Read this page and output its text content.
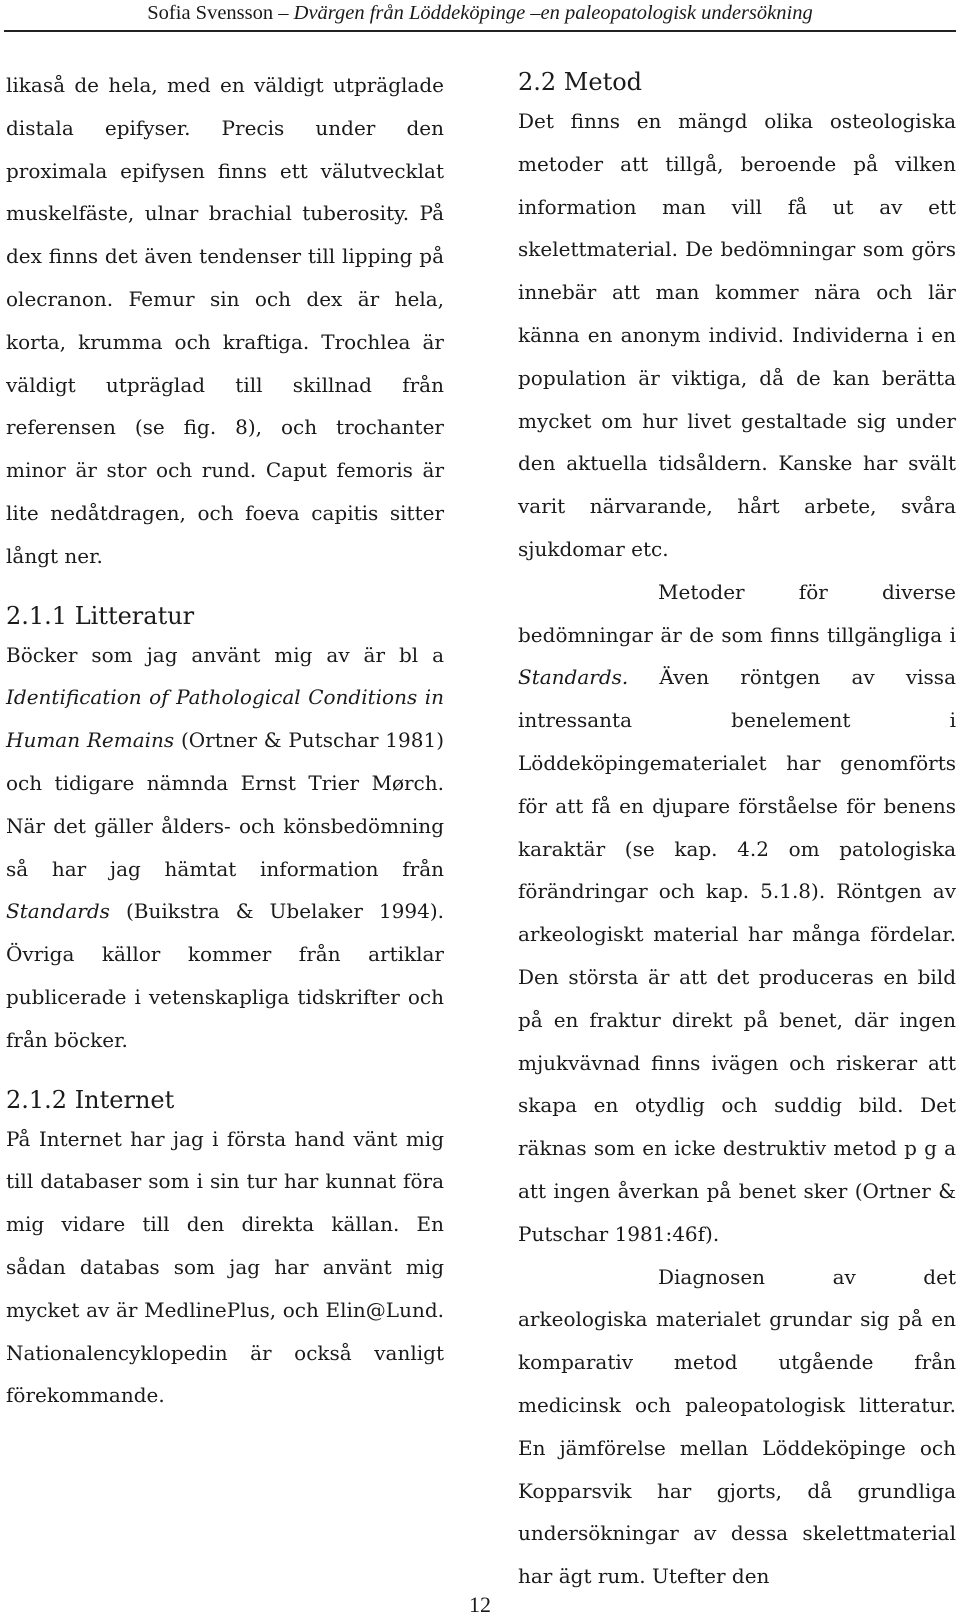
Sofia Svensson – Dvärgen från Löddeköpinge –en paleopatologisk undersökning

likaså de hela, med en väldigt utpräglade distala epifyser. Precis under den proximala epifysen finns ett välutvecklat muskelfäste, ulnar brachial tuberosity. På dex finns det även tendenser till lipping på olecranon. Femur sin och dex är hela, korta, krumma och kraftiga. Trochlea är väldigt utpräglad till skillnad från referensen (se fig. 8), och trochanter minor är stor och rund. Caput femoris är lite nedåtdragen, och foeva capitis sitter långt ner.

2.1.1 Litteratur

Böcker som jag använt mig av är bl a Identification of Pathological Conditions in Human Remains (Ortner & Putschar 1981) och tidigare nämnda Ernst Trier Mørch. När det gäller ålders- och könsbedömning så har jag hämtat information från Standards (Buikstra & Ubelaker 1994). Övriga källor kommer från artiklar publicerade i vetenskapliga tidskrifter och från böcker.

2.1.2 Internet

På Internet har jag i första hand vänt mig till databaser som i sin tur har kunnat föra mig vidare till den direkta källan. En sådan databas som jag har använt mig mycket av är MedlinePlus, och Elin@Lund. Nationalencyklopedin är också vanligt förekommande.

2.2 Metod

Det finns en mängd olika osteologiska metoder att tillgå, beroende på vilken information man vill få ut av ett skelettmaterial. De bedömningar som görs innebär att man kommer nära och lär känna en anonym individ. Individerna i en population är viktiga, då de kan berätta mycket om hur livet gestaltade sig under den aktuella tidsåldern. Kanske har svält varit närvarande, hårt arbete, svåra sjukdomar etc.

Metoder för diverse bedömningar är de som finns tillgängliga i Standards. Även röntgen av vissa intressanta benelement i Löddeköpingematerialet har genomförts för att få en djupare förståelse för benens karaktär (se kap. 4.2 om patologiska förändringar och kap. 5.1.8). Röntgen av arkeologiskt material har många fördelar. Den största är att det produceras en bild på en fraktur direkt på benet, där ingen mjukvävnad finns ivägen och riskerar att skapa en otydlig och suddig bild. Det räknas som en icke destruktiv metod p g a att ingen åverkan på benet sker (Ortner & Putschar 1981:46f).

Diagnosen av det arkeologiska materialet grundar sig på en komparativ metod utgående från medicinsk och paleopatologisk litteratur. En jämförelse mellan Löddeköpinge och Kopparsvik har gjorts, då grundliga undersökningar av dessa skelettmaterial har ägt rum. Utefter den

12
